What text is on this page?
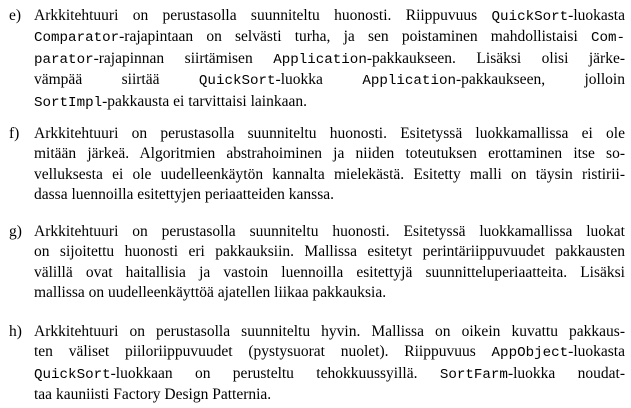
e) Arkkitehtuuri on perustasolla suunniteltu huonosti. Riippuvuus QuickSort-luokasta
Comparator-rajapintaan on selvästi turha, ja sen poistaminen mahdollistaisi Com-
parator-rajapinnan siirtämisen Application-pakkaukseen. Lisäksi olisi järke-
vämpää siirtää QuickSort-luokka Application-pakkaukseen, jolloin
SortImpl-pakkausta ei tarvittaisi lainkaan.
f) Arkkitehtuuri on perustasolla suunniteltu huonosti. Esitetyssä luokkamallissa ei ole
mitään järkeä. Algoritmien abstrahoiminen ja niiden toteutuksen erottaminen itse so-
velluksesta ei ole uudelleenkäytön kannalta mielekästä. Esitetty malli on täysin ristirii-
dassa luennoilla esitettyjen periaatteiden kanssa.
g) Arkkitehtuuri on perustasolla suunniteltu huonosti. Esitetyssä luokkamallissa luokat
on sijoitettu huonosti eri pakkauksiin. Mallissa esitetyt perintäriippuvuudet pakkausten
välillä ovat haitallisia ja vastoin luennoilla esitettyjä suunnitteluperiaatteita. Lisäksi
mallissa on uudelleenkäyttöä ajatellen liikaa pakkauksia.
h) Arkkitehtuuri on perustasolla suunniteltu hyvin. Mallissa on oikein kuvattu pakkaus-
ten väliset piiloriippuvuudet (pystysuorat nuolet). Riippuvuus AppObject-luokasta
QuickSort-luokkaan on perusteltu tehokkuussyillä. SortFarm-luokka noudat-
taa kauniisti Factory Design Patternia.
